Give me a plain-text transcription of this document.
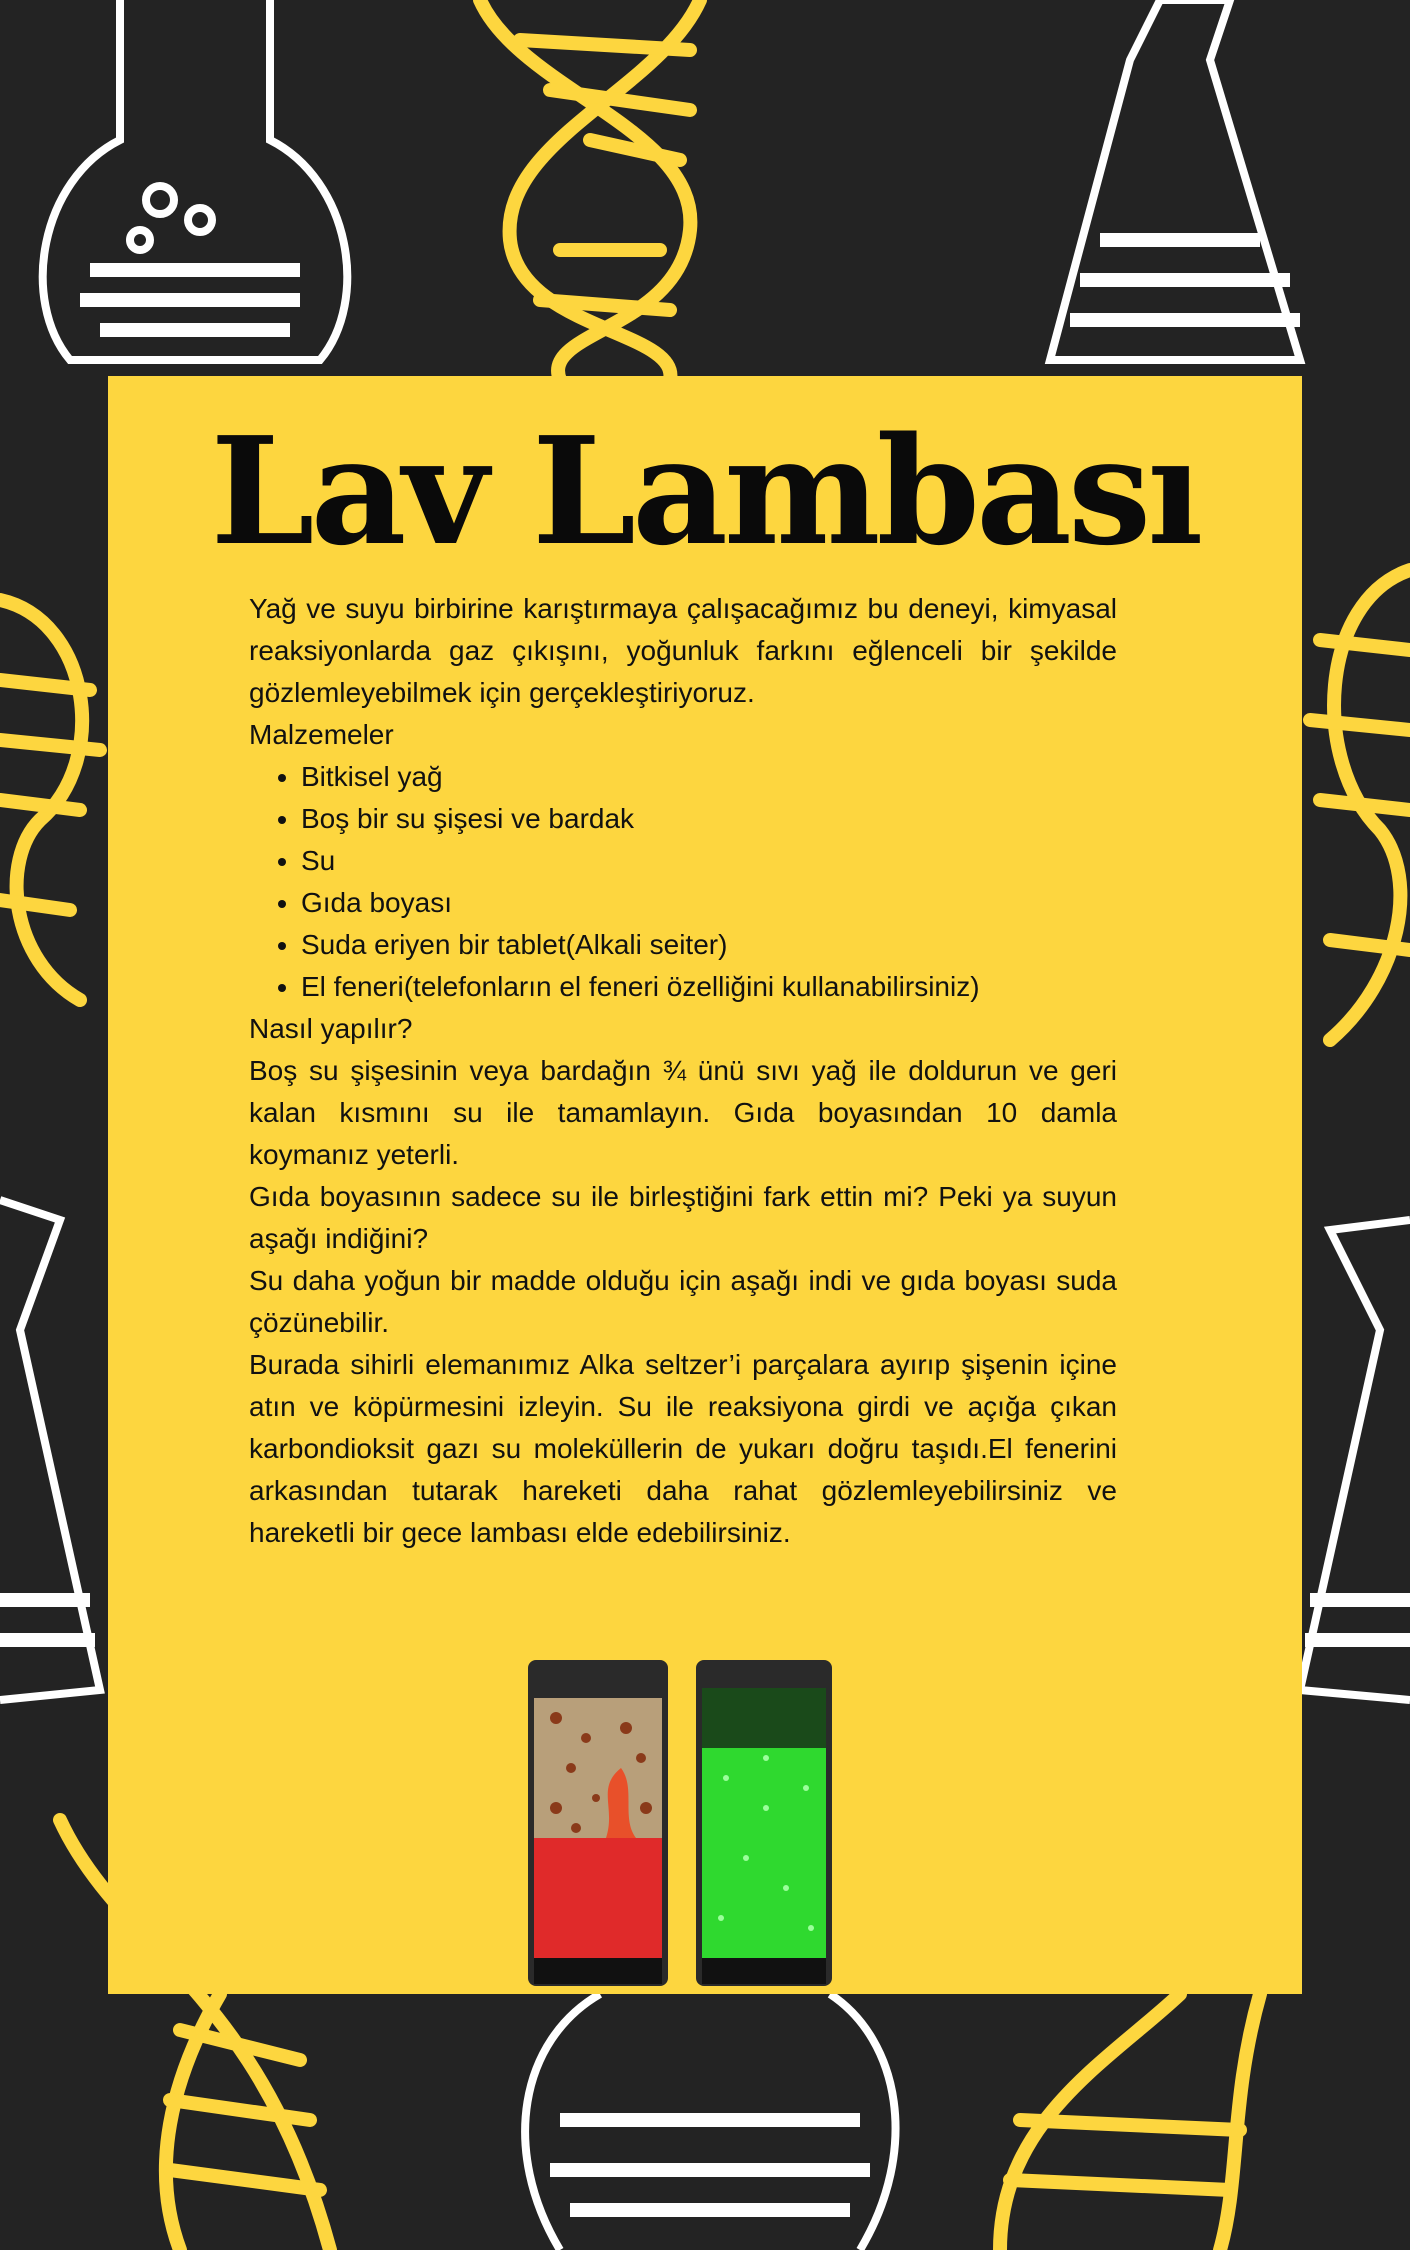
Lav Lambası

Yağ ve suyu birbirine karıştırmaya çalışacağımız bu deneyi, kimyasal reaksiyonlarda gaz çıkışını, yoğunluk farkını eğlenceli bir şekilde gözlemleyebilmek için gerçekleştiriyoruz.

Malzemeler

• Bitkisel yağ
• Boş bir su şişesi ve bardak
• Su
• Gıda boyası
• Suda eriyen bir tablet(Alkali seiter)
• El feneri(telefonların el feneri özelliğini kullanabilirsiniz)

Nasıl yapılır?

Boş su şişesinin veya bardağın ¾ ünü sıvı yağ ile doldurun ve geri kalan kısmını su ile tamamlayın. Gıda boyasından 10 damla koymanız yeterli.

Gıda boyasının sadece su ile birleştiğini fark ettin mi? Peki ya suyun aşağı indiğini?

Su daha yoğun bir madde olduğu için aşağı indi ve gıda boyası suda çözünebilir.

Burada sihirli elemanımız Alka seltzer’i parçalara ayırıp şişenin içine atın ve köpürmesini izleyin. Su ile reaksiyona girdi ve açığa çıkan karbondioksit gazı su moleküllerin de yukarı doğru taşıdı.El fenerini arkasından tutarak hareketi daha rahat gözlemleyebilirsiniz ve hareketli bir gece lambası elde edebilirsiniz.
